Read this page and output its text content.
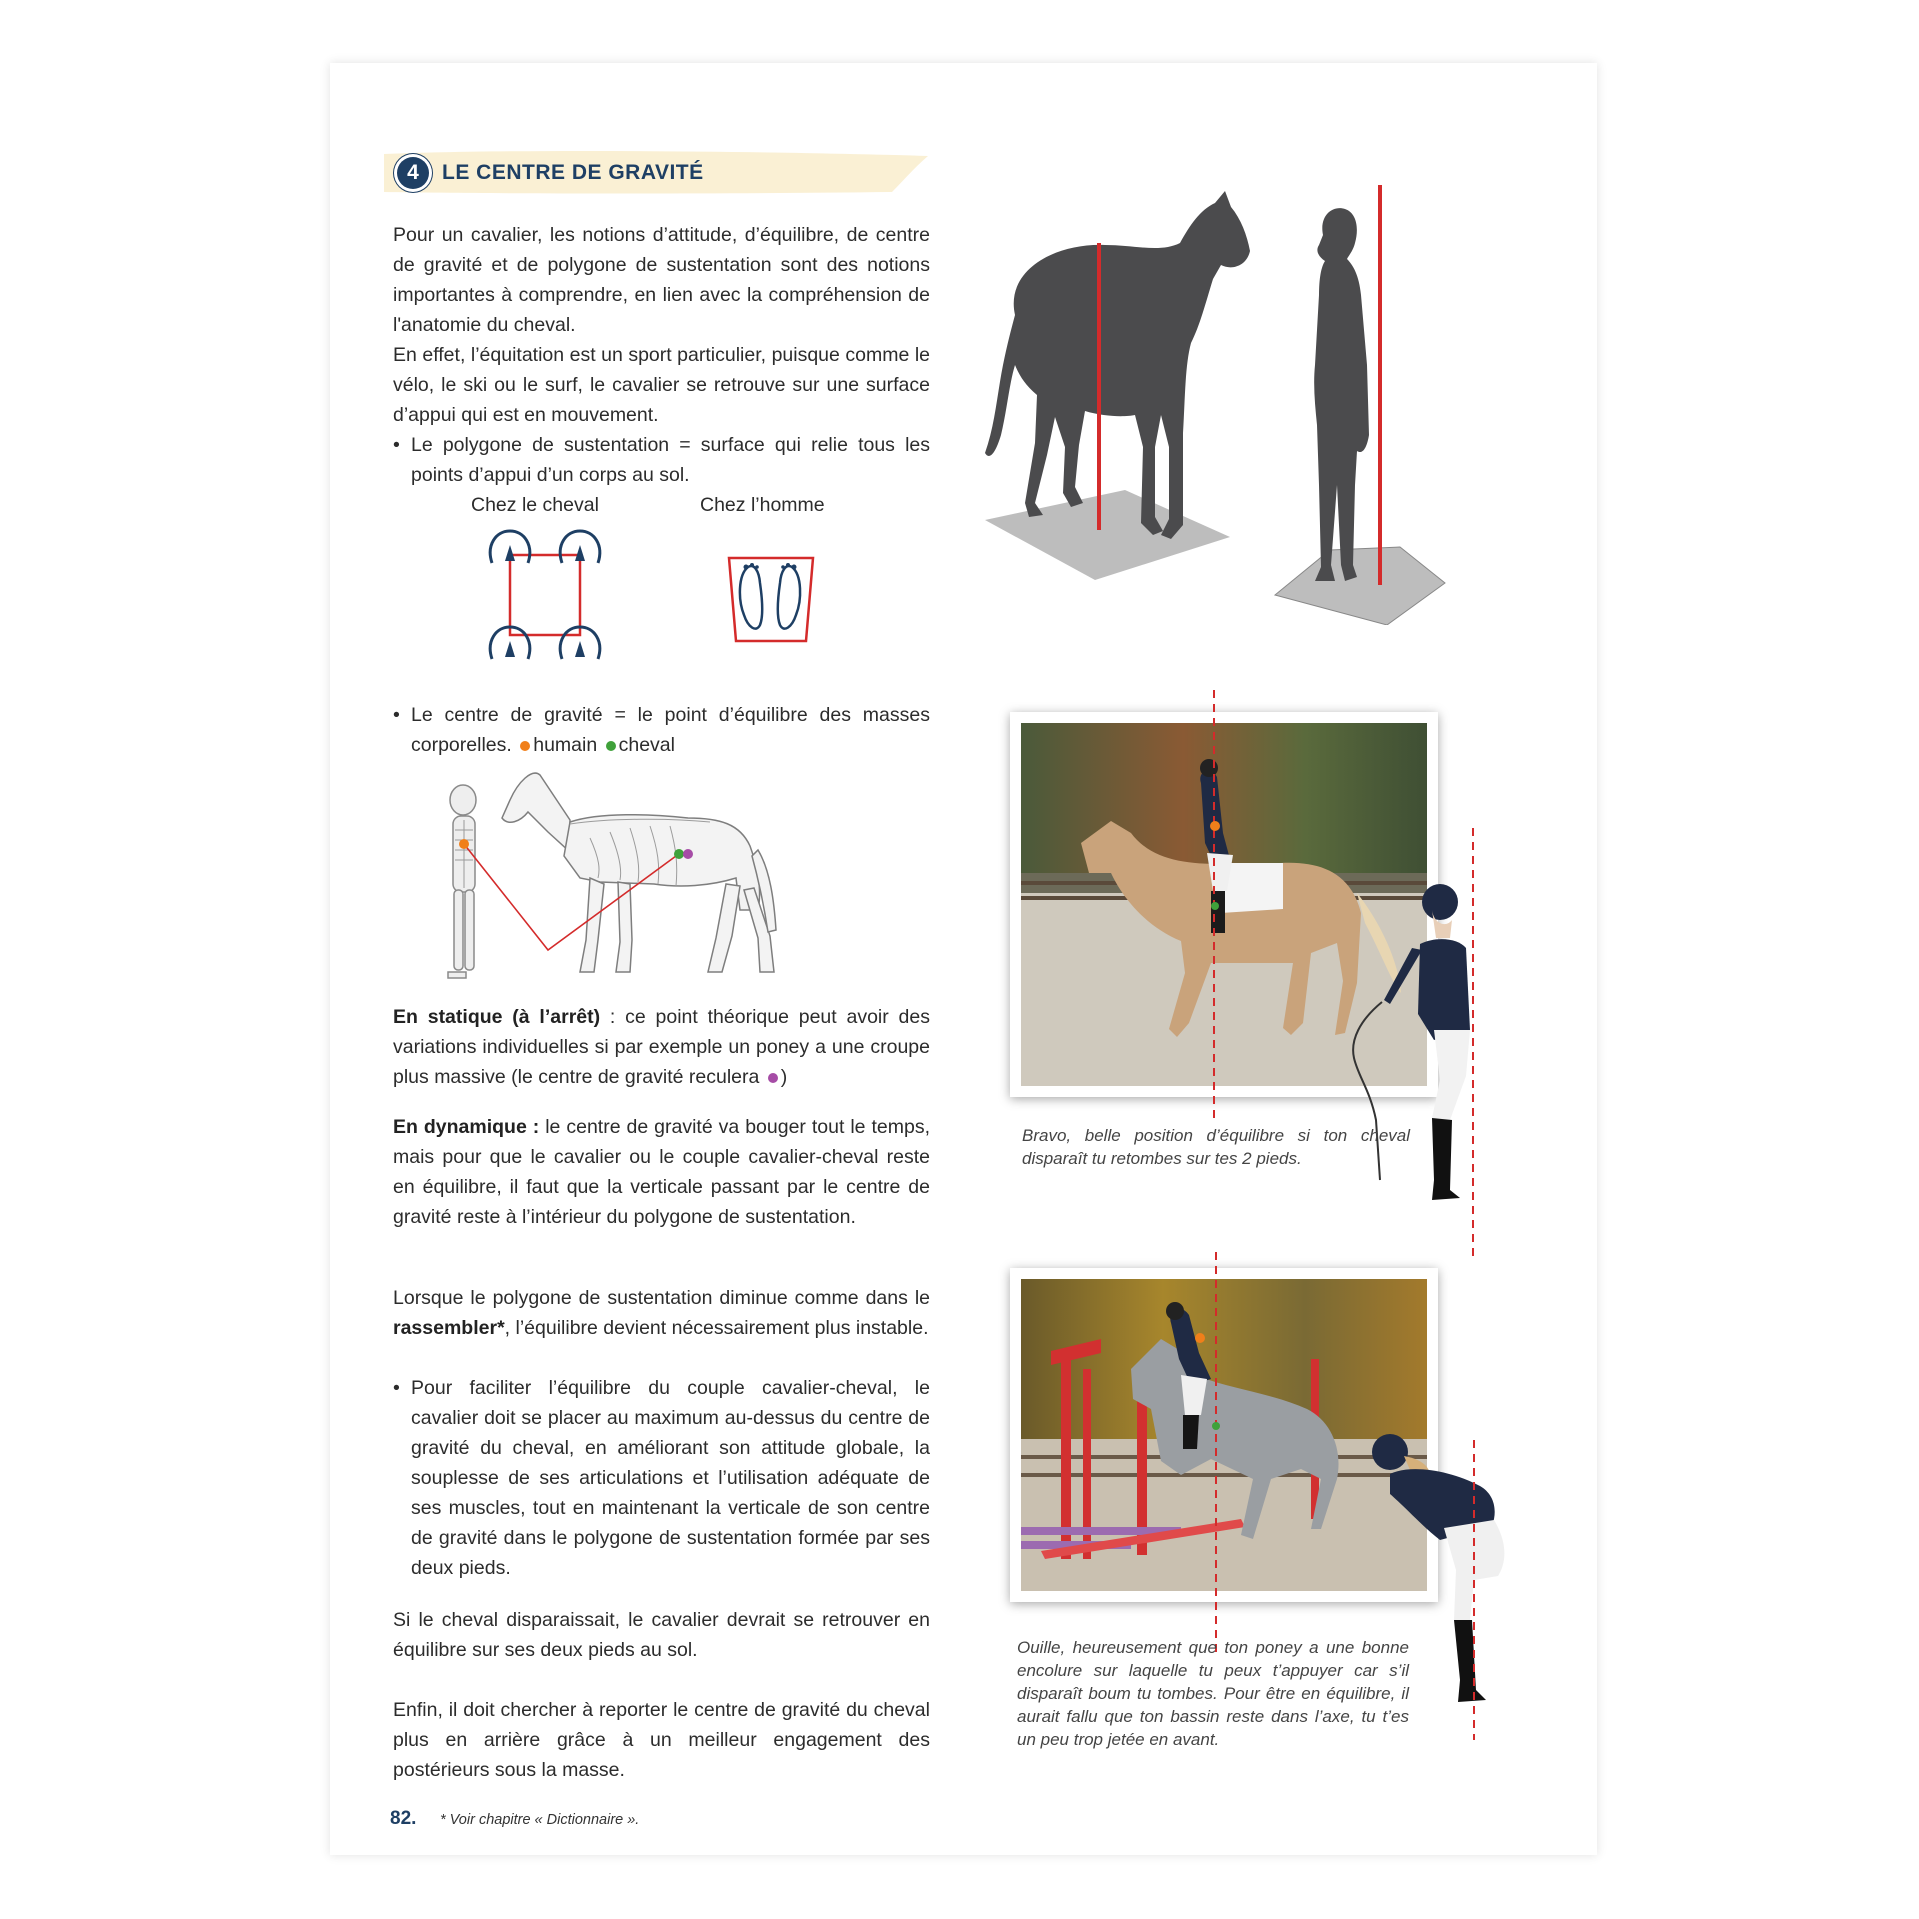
4	LE CENTRE DE GRAVITÉ
Pour un cavalier, les notions d’attitude, d’équilibre, de centre de gravité et de polygone de sustentation sont des notions importantes à comprendre, en lien avec la compréhension de l'anatomie du cheval.
En effet, l’équitation est un sport particulier, puisque comme le vélo, le ski ou le surf, le cavalier se retrouve sur une surface d’appui qui est en mouvement.
• Le polygone de sustentation = surface qui relie tous les points d’appui d’un corps au sol.
Chez le cheval	Chez l’homme
• Le centre de gravité = le point d’équilibre des masses corporelles. humain cheval
En statique (à l’arrêt) : ce point théorique peut avoir des variations individuelles si par exemple un poney a une croupe plus massive (le centre de gravité reculera )
En dynamique : le centre de gravité va bouger tout le temps, mais pour que le cavalier ou le couple cavalier-cheval reste en équilibre, il faut que la verticale passant par le centre de gravité reste à l’intérieur du polygone de sustentation.
Lorsque le polygone de sustentation diminue comme dans le rassembler*, l’équilibre devient nécessairement plus instable.
• Pour faciliter l’équilibre du couple cavalier-cheval, le cavalier doit se placer au maximum au-dessus du centre de gravité du cheval, en améliorant son attitude globale, la souplesse de ses articulations et l’utilisation adéquate de ses muscles, tout en maintenant la verticale de son centre de gravité dans le polygone de sustentation formée par ses deux pieds.
Si le cheval disparaissait, le cavalier devrait se retrouver en équilibre sur ses deux pieds au sol.
Enfin, il doit chercher à reporter le centre de gravité du cheval plus en arrière grâce à un meilleur engagement des postérieurs sous la masse.
Bravo, belle position d’équilibre si ton cheval disparaît tu retombes sur tes 2 pieds.
Ouille, heureusement que ton poney a une bonne encolure sur laquelle tu peux t’appuyer car s’il disparaît boum tu tombes. Pour être en équilibre, il aurait fallu que ton bassin reste dans l’axe, tu t’es un peu trop jetée en avant.
82. * Voir chapitre « Dictionnaire ».
